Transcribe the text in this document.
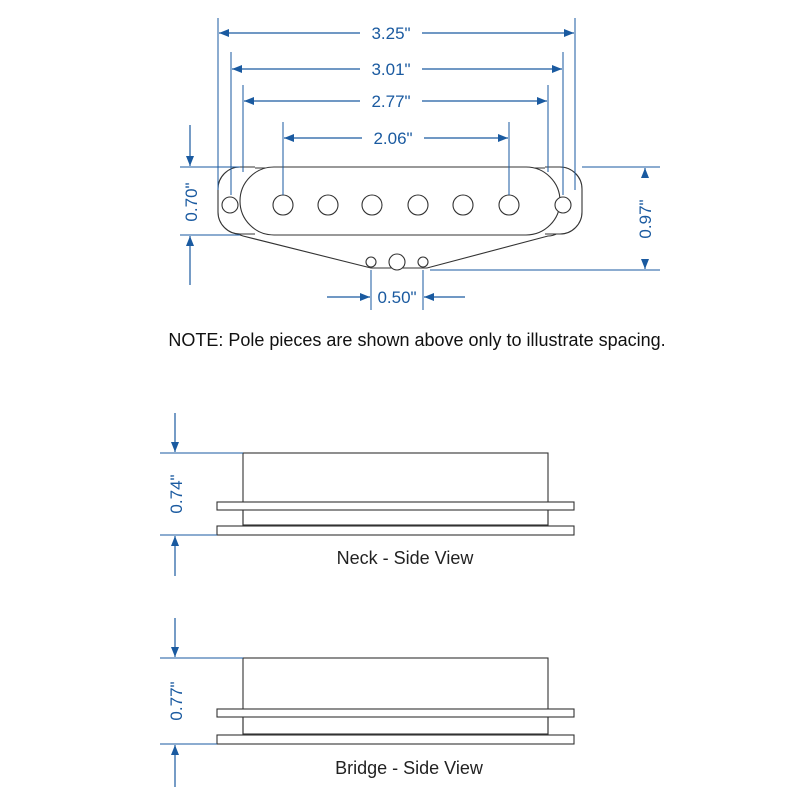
3.25"
3.01"
2.77"
2.06"
0.70"	0.97"
0.50"
NOTE: Pole pieces are shown above only to illustrate spacing.
0.74"
Neck - Side View
0.77"
Bridge - Side View
